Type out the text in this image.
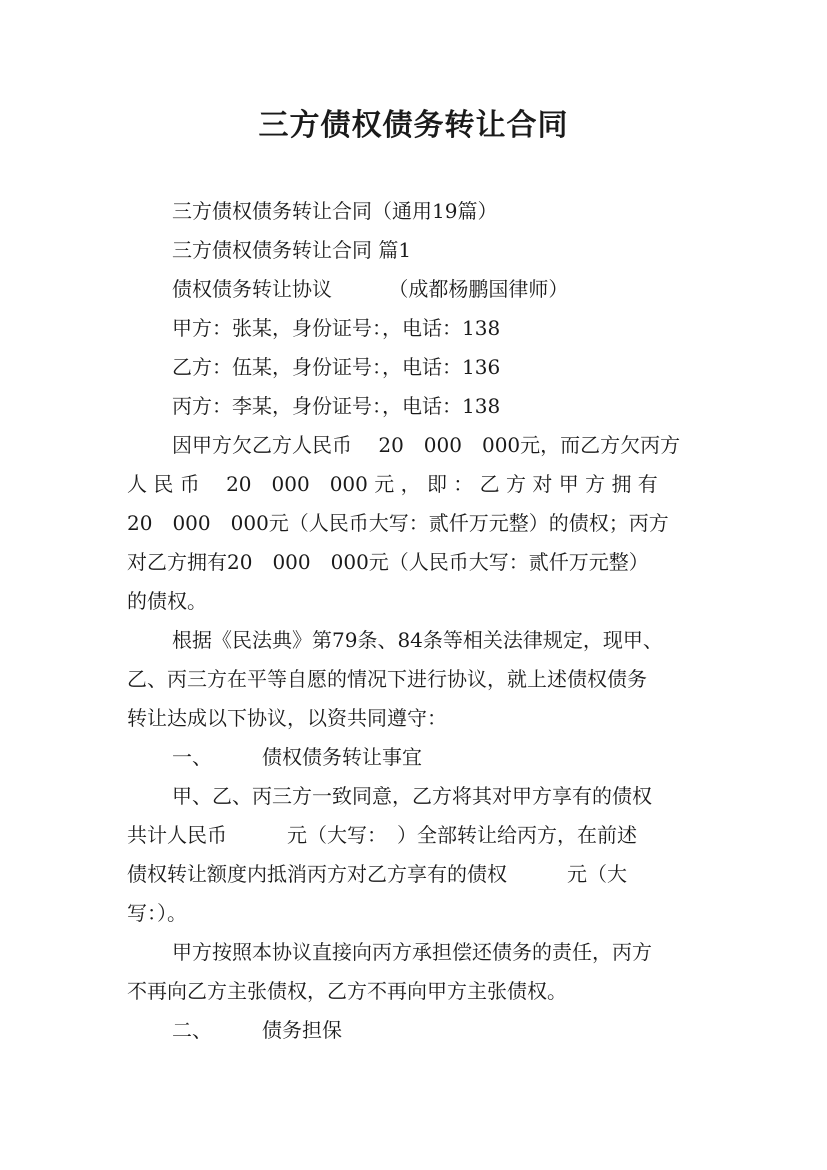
三方债权债务转让合同
三方债权债务转让合同（通用19篇）
三方债权债务转让合同 篇1
债权债务转让协议 　　　（成都杨鹏国律师）
甲方：张某，身份证号：，电话：138
乙方：伍某，身份证号：，电话：136
丙方：李某，身份证号：，电话：138
因甲方欠乙方人民币 　20　000　000元，而乙方欠丙方
人 民 币 　20　000　000 元 ， 即 ： 乙 方 对 甲 方 拥 有
20　000　000元（人民币大写：贰仟万元整）的债权；丙方
对乙方拥有20　000　000元（人民币大写：贰仟万元整）
的债权。
根据《民法典》第79条、84条等相关法律规定，现甲、
乙、丙三方在平等自愿的情况下进行协议，就上述债权债务
转让达成以下协议，以资共同遵守：
一、　　　债权债务转让事宜
甲、乙、丙三方一致同意，乙方将其对甲方享有的债权
共计人民币　　　元（大写：　）全部转让给丙方，在前述
债权转让额度内抵消丙方对乙方享有的债权　　　元（大
写：）。
甲方按照本协议直接向丙方承担偿还债务的责任，丙方
不再向乙方主张债权，乙方不再向甲方主张债权。
二、　　　债务担保
